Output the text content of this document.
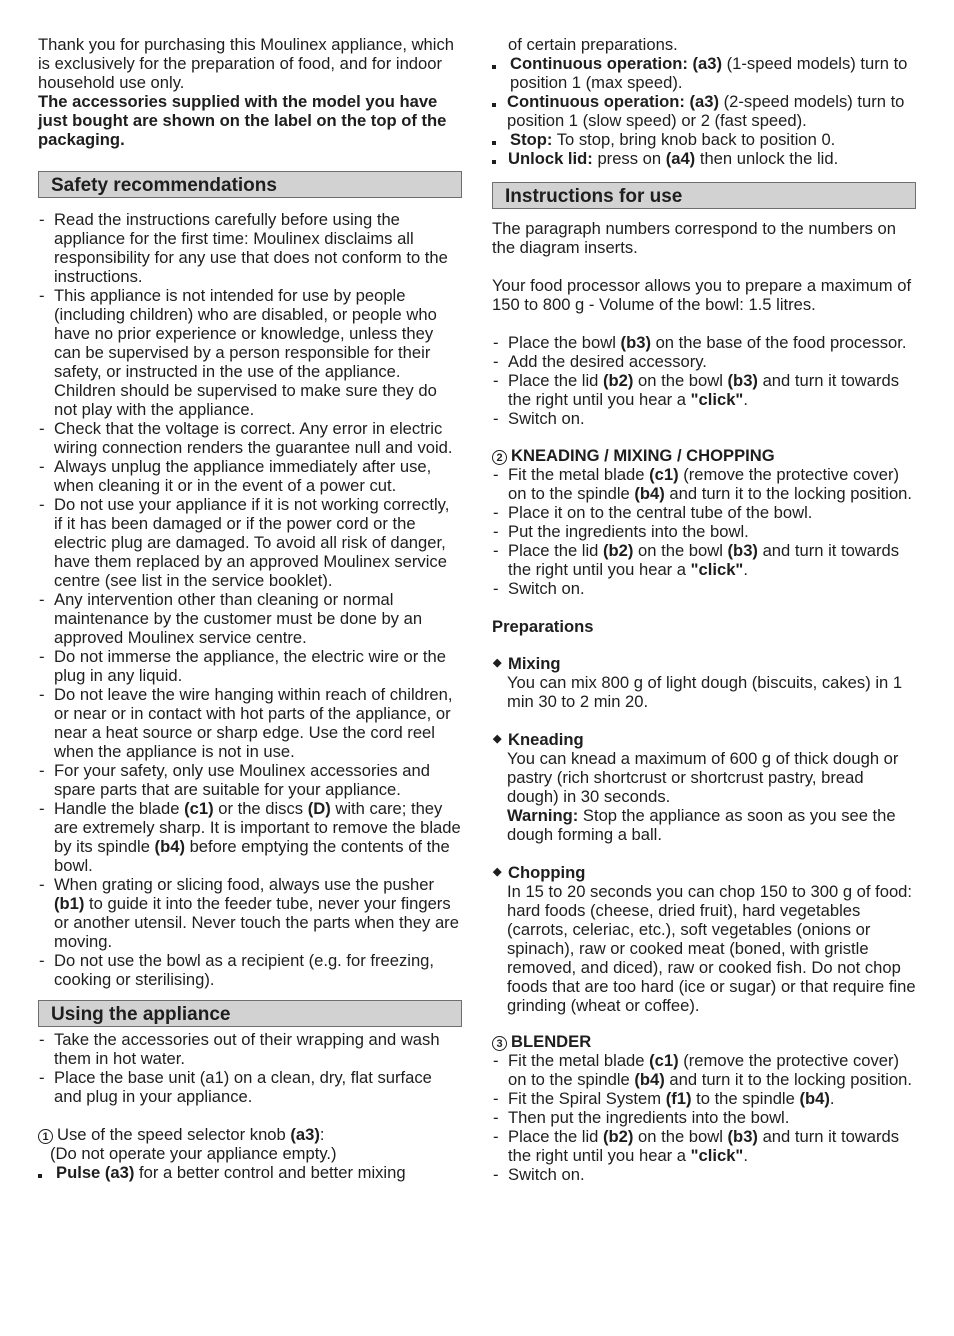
Thank you for purchasing this Moulinex appliance, which is exclusively for the preparation of food, and for indoor household use only.

The accessories supplied with the model you have just bought are shown on the label on the top of the packaging.

Safety recommendations
- Read the instructions carefully before using the appliance for the first time: Moulinex disclaims all responsibility for any use that does not conform to the instructions.
- This appliance is not intended for use by people (including children) who are disabled, or people who have no prior experience or knowledge, unless they can be supervised by a person responsible for their safety, or instructed in the use of the appliance. Children should be supervised to make sure they do not play with the appliance.
- Check that the voltage is correct. Any error in electric wiring connection renders the guarantee null and void.
- Always unplug the appliance immediately after use, when cleaning it or in the event of a power cut.
- Do not use your appliance if it is not working correctly, if it has been damaged or if the power cord or the electric plug are damaged. To avoid all risk of danger, have them replaced by an approved Moulinex service centre (see list in the service booklet).
- Any intervention other than cleaning or normal maintenance by the customer must be done by an approved Moulinex service centre.
- Do not immerse the appliance, the electric wire or the plug in any liquid.
- Do not leave the wire hanging within reach of children, or near or in contact with hot parts of the appliance, or near a heat source or sharp edge. Use the cord reel when the appliance is not in use.
- For your safety, only use Moulinex accessories and spare parts that are suitable for your appliance.
- Handle the blade (c1) or the discs (D) with care; they are extremely sharp. It is important to remove the blade by its spindle (b4) before emptying the contents of the bowl.
- When grating or slicing food, always use the pusher (b1) to guide it into the feeder tube, never your fingers or another utensil. Never touch the parts when they are moving.
- Do not use the bowl as a recipient (e.g. for freezing, cooking or sterilising).
Using the appliance
- Take the accessories out of their wrapping and wash them in hot water.
- Place the base unit (a1) on a clean, dry, flat surface and plug in your appliance.

1 Use of the speed selector knob (a3):

(Do not operate your appliance empty.)

Pulse (a3) for a better control and better mixing

of certain preparations.

Continuous operation: (a3) (1-speed models) turn to position 1 (max speed).
Continuous operation: (a3) (2-speed models) turn to position 1 (slow speed) or 2 (fast speed).
Stop: To stop, bring knob back to position 0.
Unlock lid: press on (a4) then unlock the lid.
Instructions for use

The paragraph numbers correspond to the numbers on the diagram inserts.

Your food processor allows you to prepare a maximum of 150 to 800 g - Volume of the bowl: 1.5 litres.

- Place the bowl (b3) on the base of the food processor.
- Add the desired accessory.
- Place the lid (b2) on the bowl (b3) and turn it towards the right until you hear a "click".
- Switch on.

2 KNEADING / MIXING / CHOPPING

- Fit the metal blade (c1) (remove the protective cover) on to the spindle (b4) and turn it to the locking position.
- Place it on to the central tube of the bowl.
- Put the ingredients into the bowl.
- Place the lid (b2) on the bowl (b3) and turn it towards the right until you hear a "click".
- Switch on.

Preparations

◆ Mixing

You can mix 800 g of light dough (biscuits, cakes) in 1 min 30 to 2 min 20.

◆ Kneading

You can knead a maximum of 600 g of thick dough or pastry (rich shortcrust or shortcrust pastry, bread dough) in 30 seconds.
Warning: Stop the appliance as soon as you see the dough forming a ball.

◆ Chopping

In 15 to 20 seconds you can chop 150 to 300 g of food: hard foods (cheese, dried fruit), hard vegetables (carrots, celeriac, etc.), soft vegetables (onions or spinach), raw or cooked meat (boned, with gristle removed, and diced), raw or cooked fish. Do not chop foods that are too hard (ice or sugar) or that require fine grinding (wheat or coffee).

3 BLENDER

- Fit the metal blade (c1) (remove the protective cover) on to the spindle (b4) and turn it to the locking position.
- Fit the Spiral System (f1) to the spindle (b4).
- Then put the ingredients into the bowl.
- Place the lid (b2) on the bowl (b3) and turn it towards the right until you hear a "click".
- Switch on.
